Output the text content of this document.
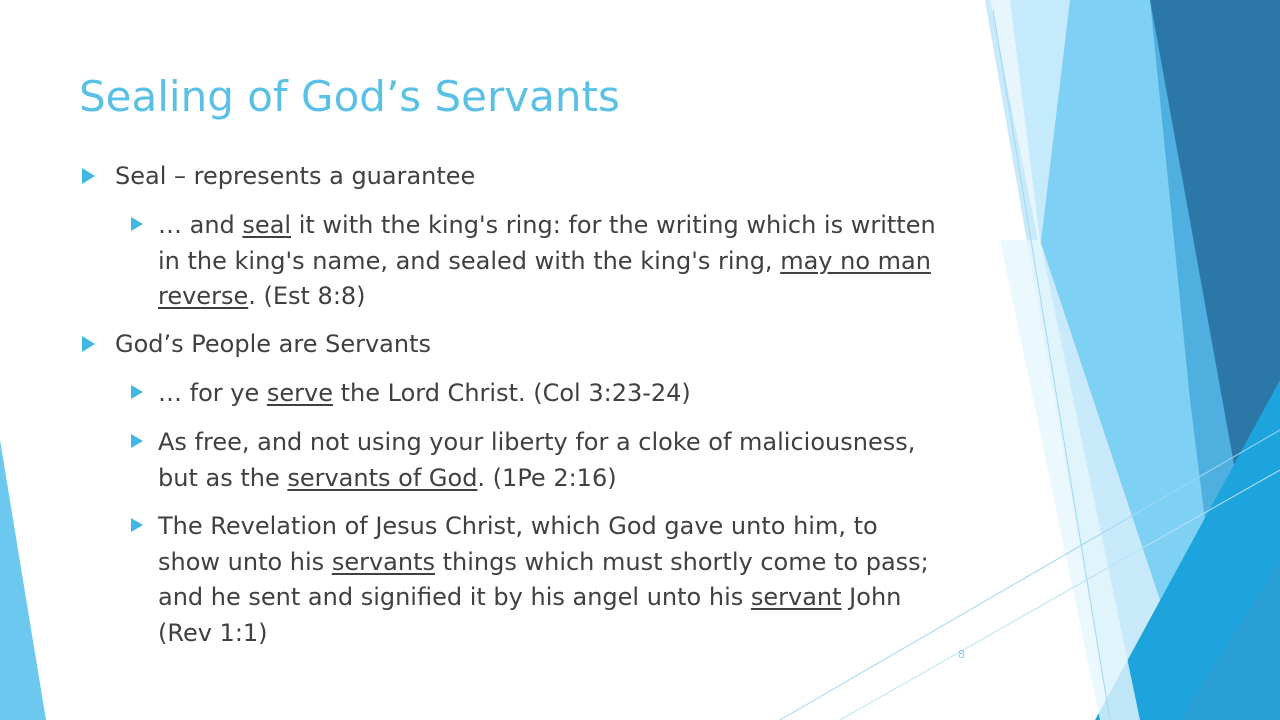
Sealing of God’s Servants
Seal – represents a guarantee
… and seal it with the king's ring: for the writing which is written
in the king's name, and sealed with the king's ring, may no man
reverse. (Est 8:8)
God’s People are Servants
… for ye serve the Lord Christ. (Col 3:23-24)
As free, and not using your liberty for a cloke of maliciousness,
but as the servants of God. (1Pe 2:16)
The Revelation of Jesus Christ, which God gave unto him, to
show unto his servants things which must shortly come to pass;
and he sent and signified it by his angel unto his servant John
(Rev 1:1)
8
